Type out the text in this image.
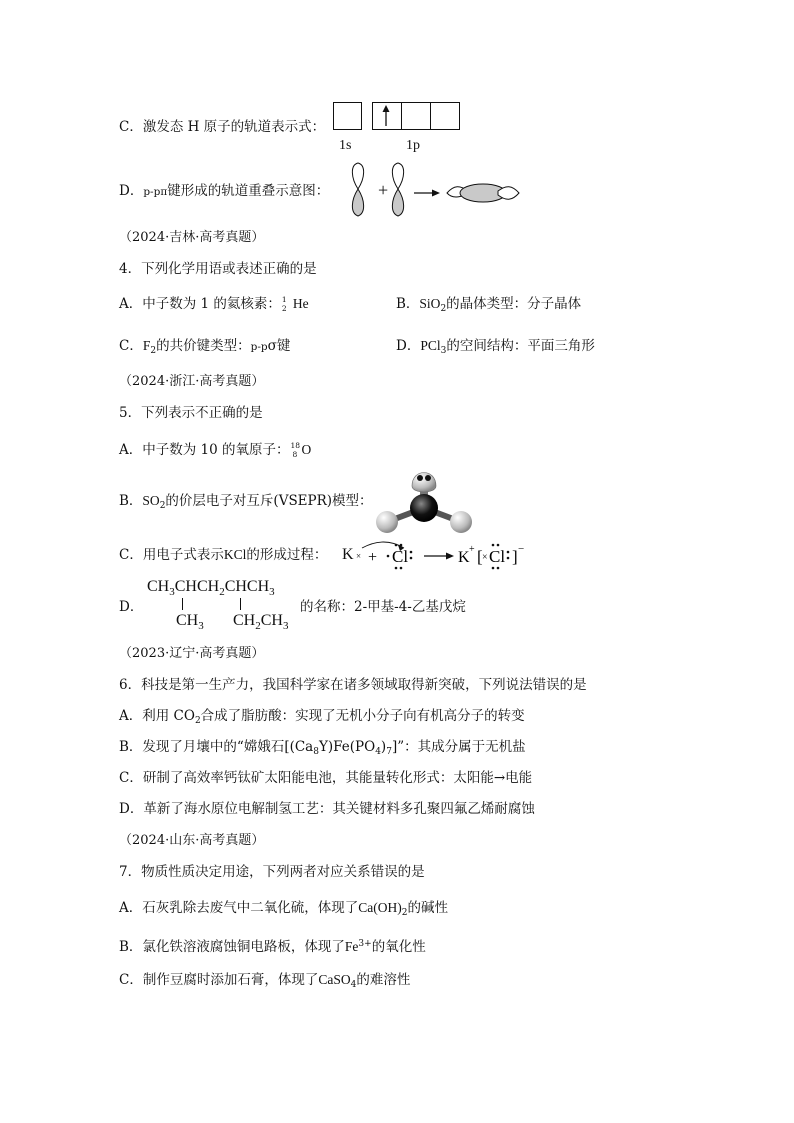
C．激发态 H 原子的轨道表示式：
1s	1p
D．p-pπ键形成的轨道重叠示意图：	+
（2024·吉林·高考真题）
4．下列化学用语或表述正确的是
A．中子数为 1 的氦核素： 1
2 He	B．SiO$_2$的晶体类型：分子晶体
C．$F_2$的共价键类型：p-pσ键	D．PCl$_3$的空间结构：平面三角形
（2024·浙江·高考真题）
5．下列表示不正确的是
A．中子数为 10 的氧原子： 18
8 O
B．$SO_2$的价层电子对互斥(VSEPR)模型：
C．用电子式表示KCl的形成过程： K × + Cl	K + [ × Cl ] −
D．
$CH_3CHCH_2CHCH_3$
$CH_3$ $CH_2CH_3$
的名称：2-甲基-4-乙基戊烷
（2023·辽宁·高考真题）
6．科技是第一生产力，我国科学家在诸多领域取得新突破，下列说法错误的是
A．利用 $CO_2$合成了脂肪酸：实现了无机小分子向有机高分子的转变
B．发现了月壤中的“嫦娥石$[(Ca_8Y)Fe(PO_4)_7]$”：其成分属于无机盐
C．研制了高效率钙钛矿太阳能电池，其能量转化形式：太阳能→电能
D．革新了海水原位电解制氢工艺：其关键材料多孔聚四氟乙烯耐腐蚀
（2024·山东·高考真题）
7．物质性质决定用途，下列两者对应关系错误的是
A．石灰乳除去废气中二氧化硫，体现了$Ca(OH)_2$的碱性
B．氯化铁溶液腐蚀铜电路板，体现了$Fe^{3+}$的氧化性
C．制作豆腐时添加石膏，体现了CaSO$_4$的难溶性
